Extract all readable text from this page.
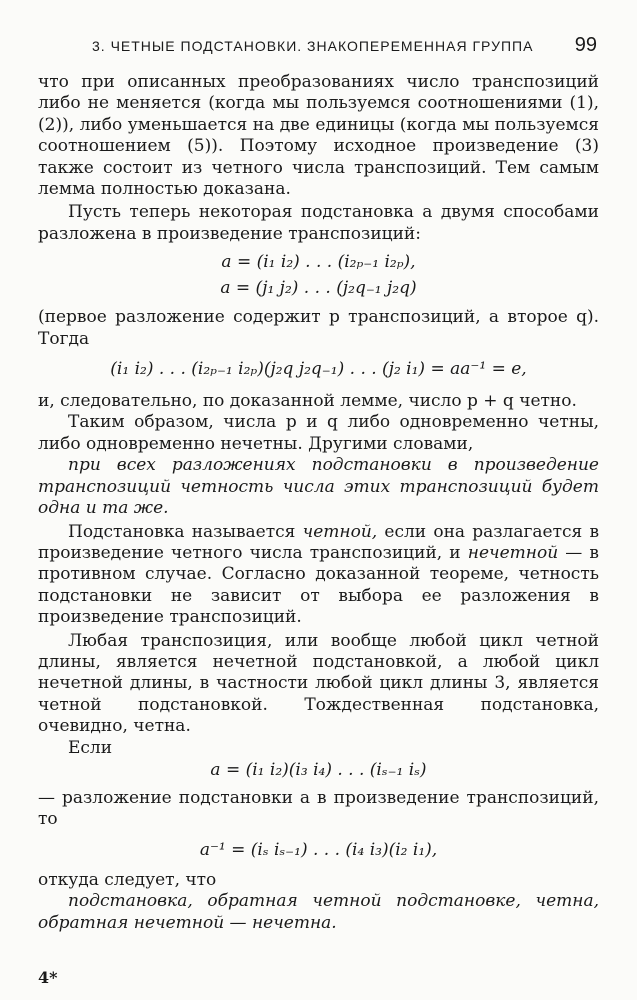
3. ЧЕТНЫЕ ПОДСТАНОВКИ. ЗНАКОПЕРЕМЕННАЯ ГРУППА 99

что при описанных преобразованиях число транспозиций либо не меняется (когда мы пользуемся соотношениями (1), (2)), либо уменьшается на две единицы (когда мы пользуемся соотношением (5)). Поэтому исходное произведение (3) также состоит из четного числа транспозиций. Тем самым лемма полностью доказана.

Пусть теперь некоторая подстановка a двумя способами разложена в произведение транспозиций:

a = (i₁ i₂) . . . (i₂ₚ₋₁ i₂ₚ),
a = (j₁ j₂) . . . (j₂q₋₁ j₂q)

(первое разложение содержит p транспозиций, а второе q). Тогда

(i₁ i₂) . . . (i₂ₚ₋₁ i₂ₚ)(j₂q j₂q₋₁) . . . (j₂ i₁) = aa⁻¹ = e,

и, следовательно, по доказанной лемме, число p + q четно.

Таким образом, числа p и q либо одновременно четны, либо одновременно нечетны. Другими словами,

при всех разложениях подстановки в произведение транспозиций четность числа этих транспозиций будет одна и та же.

Подстановка называется четной, если она разлагается в произведение четного числа транспозиций, и нечетной — в противном случае. Согласно доказанной теореме, четность подстановки не зависит от выбора ее разложения в произведение транспозиций.

Любая транспозиция, или вообще любой цикл четной длины, является нечетной подстановкой, а любой цикл нечетной длины, в частности любой цикл длины 3, является четной подстановкой. Тождественная подстановка, очевидно, четна.

Если

a = (i₁ i₂)(i₃ i₄) . . . (iₛ₋₁ iₛ)

— разложение подстановки a в произведение транспозиций, то

a⁻¹ = (iₛ iₛ₋₁) . . . (i₄ i₃)(i₂ i₁),

откуда следует, что

подстановка, обратная четной подстановке, четна, обратная нечетной — нечетна.

4*
